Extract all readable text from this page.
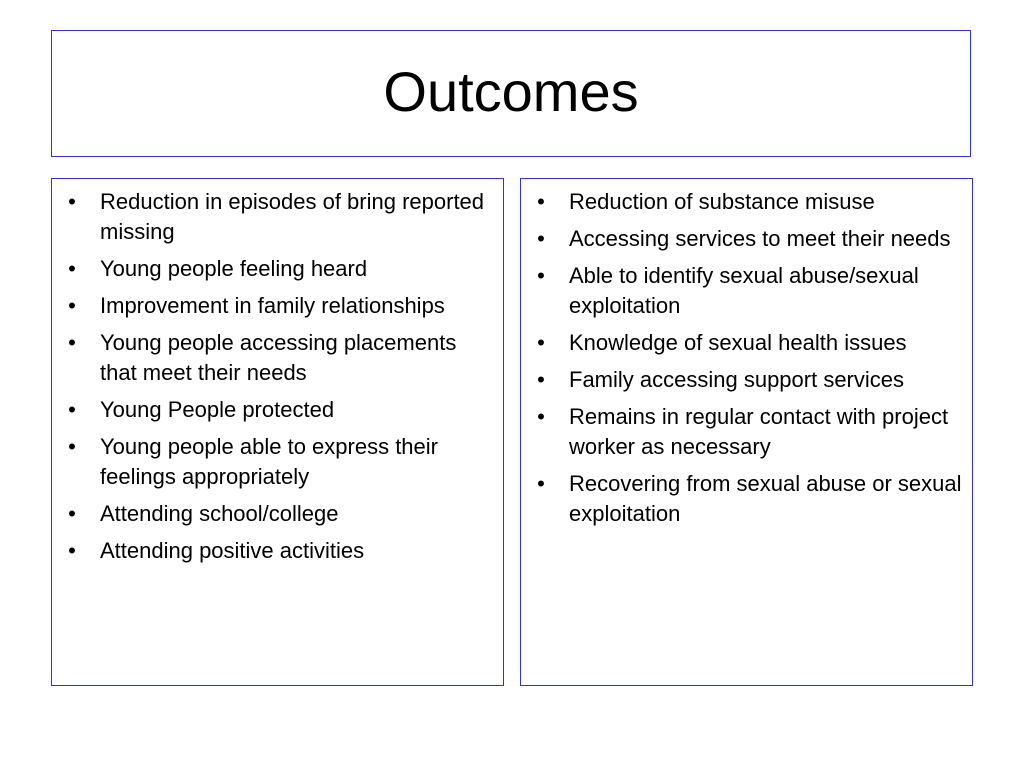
Outcomes
• Reduction in episodes of bring reported missing
• Young people feeling heard
• Improvement in family relationships
• Young people accessing placements that meet their needs
• Young People protected
• Young people able to express their feelings appropriately
• Attending school/college
• Attending positive activities
• Reduction of substance misuse
• Accessing services to meet their needs
• Able to identify sexual abuse/sexual exploitation
• Knowledge of sexual health issues
• Family accessing support services
• Remains in regular contact with project worker as necessary
• Recovering from sexual abuse or sexual exploitation
